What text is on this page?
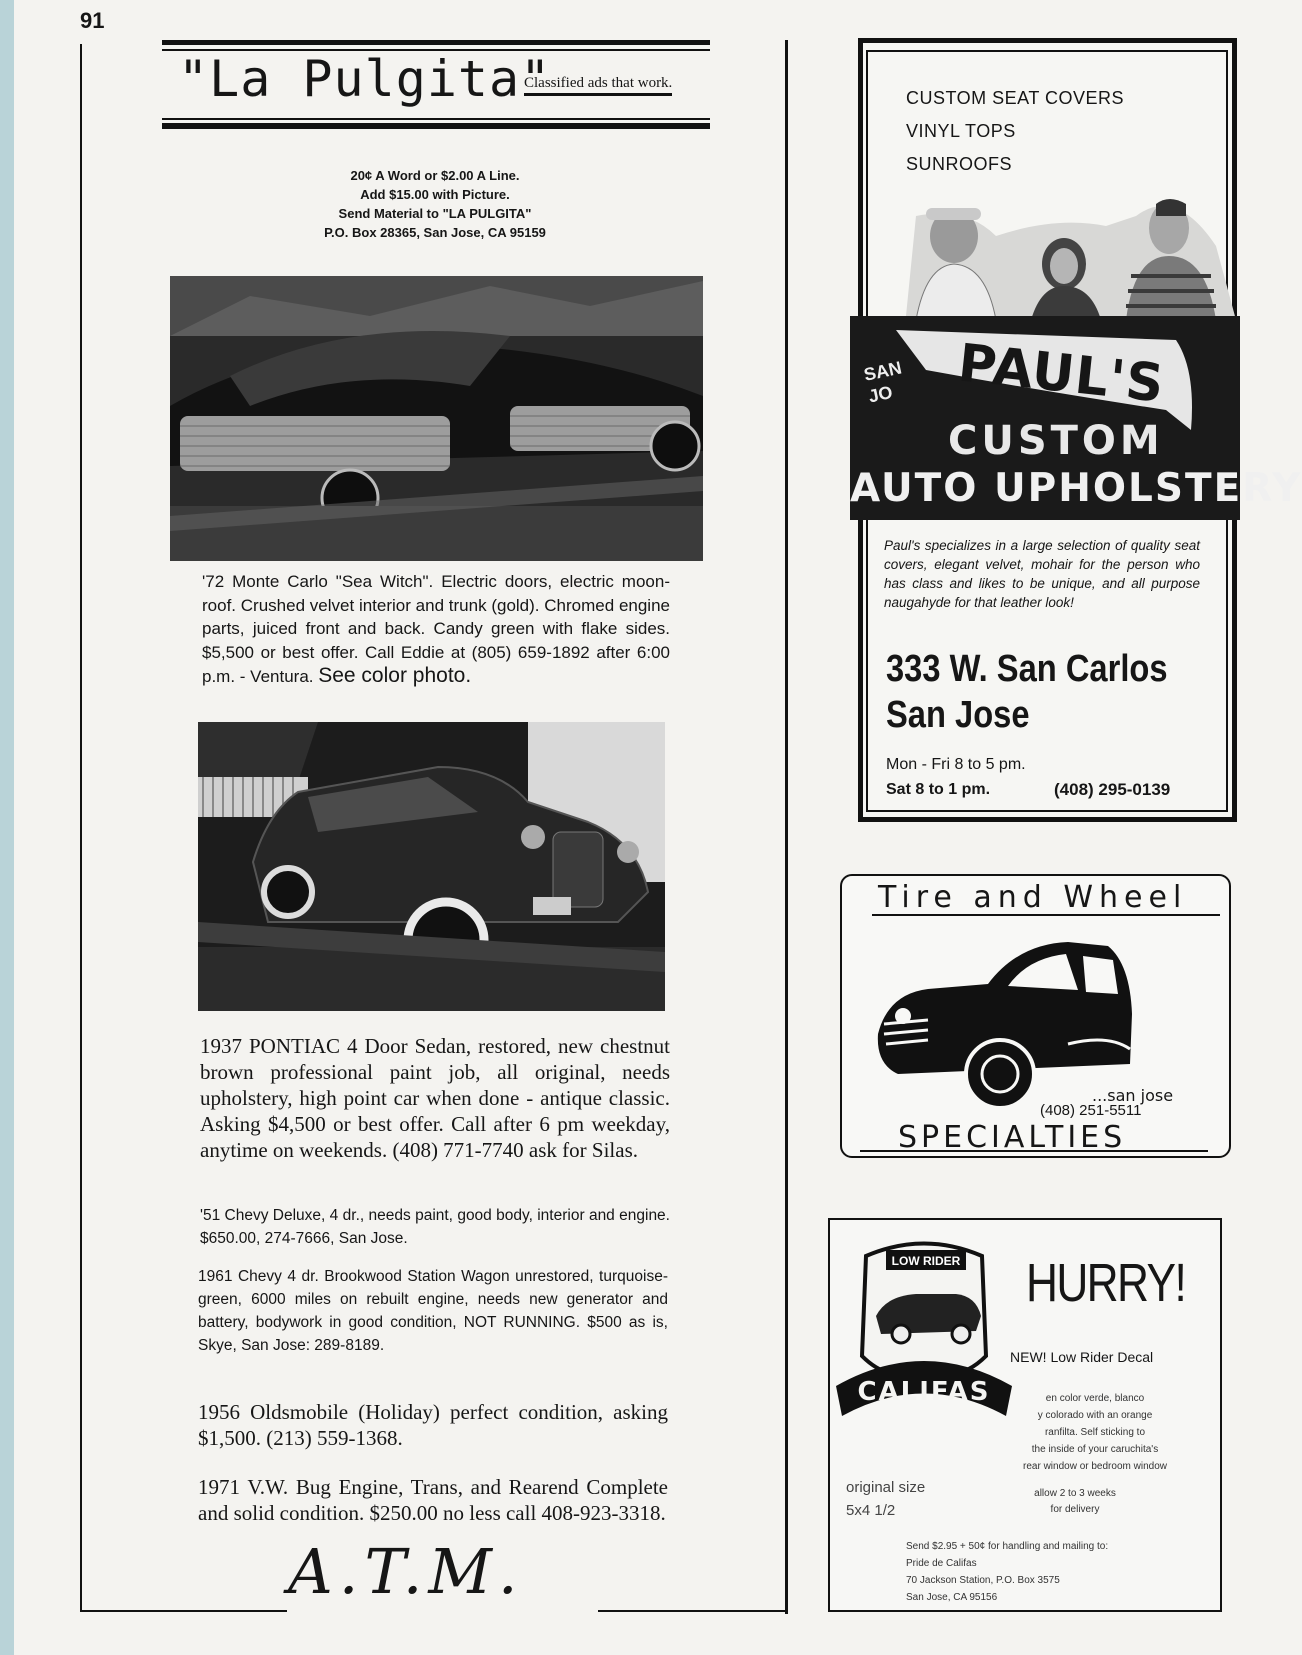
91
"La Pulgita"
Classified ads that work.
20¢ A Word or $2.00 A Line.
Add $15.00 with Picture.
Send Material to "LA PULGITA"
P.O. Box 28365, San Jose, CA 95159
'72 Monte Carlo "Sea Witch". Electric doors, electric moon-roof. Crushed velvet interior and trunk (gold). Chromed engine parts, juiced front and back. Candy green with flake sides. $5,500 or best offer. Call Eddie at (805) 659-1892 after 6:00 p.m. - Ventura. See color photo.
1937 PONTIAC 4 Door Sedan, restored, new chestnut brown professional paint job, all original, needs upholstery, high point car when done - antique classic. Asking $4,500 or best offer. Call after 6 pm weekday, anytime on weekends. (408) 771-7740 ask for Silas.
'51 Chevy Deluxe, 4 dr., needs paint, good body, interior and engine. $650.00, 274-7666, San Jose.
1961 Chevy 4 dr. Brookwood Station Wagon unrestored, turquoise-green, 6000 miles on rebuilt engine, needs new generator and battery, bodywork in good condition, NOT RUNNING. $500 as is, Skye, San Jose: 289-8189.
1956 Oldsmobile (Holiday) perfect condition, asking $1,500. (213) 559-1368.
1971 V.W. Bug Engine, Trans, and Rearend Complete and solid condition. $250.00 no less call 408-923-3318.
A.T.M.
CUSTOM SEAT COVERS
VINYL TOPS
SUNROOFS
SAN
JO PAUL'S
CUSTOM
AUTO UPHOLSTERY
Paul's specializes in a large selection of quality seat covers, elegant velvet, mohair for the person who has class and likes to be unique, and all purpose naugahyde for that leather look!
333 W. San Carlos
San Jose
Mon - Fri 8 to 5 pm.
Sat 8 to 1 pm.	(408) 295-0139
Tire and Wheel
...san jose
(408) 251-5511
SPECIALTIES
LOW RIDER
CALIFAS
HURRY!
NEW! Low Rider Decal
en color verde, blanco
y colorado with an orange
ranfilta. Self sticking to
the inside of your caruchita's
rear window or bedroom window
original size
5x4 1/2
allow 2 to 3 weeks
for delivery
Send $2.95 + 50¢ for handling and mailing to:
Pride de Califas
70 Jackson Station, P.O. Box 3575
San Jose, CA 95156
